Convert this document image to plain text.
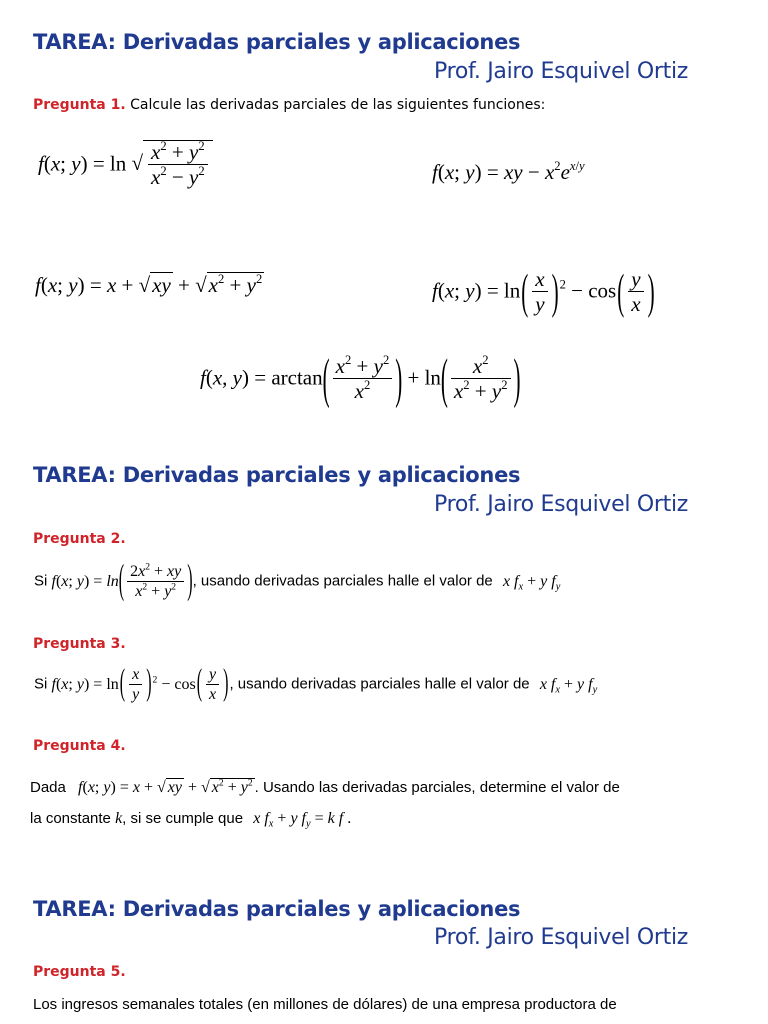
TAREA: Derivadas parciales y aplicaciones
Prof. Jairo Esquivel Ortiz
Pregunta 1. Calcule las derivadas parciales de las siguientes funciones:
f(x; y) = ln √ $\frac{x^2 + y^2}{x^2 - y^2}$	f(x; y) = xy − $x^2e^{x/y}$
f(x; $y) = x + √xy + √x^2 + y^2$	f(x; $y) = \ln( \frac{x}{y} )^2 - \cos( \frac{y}{x}$ )
f(x, $y) = \arctan( \frac{x^2 + y^2}{x^2}$ ) + $\ln( \frac{x^2}{x^2 + y^2}$ )
TAREA: Derivadas parciales y aplicaciones
Prof. Jairo Esquivel Ortiz
Pregunta 2.
Si f(x; $y) = \ln( \frac{2x^2 + xy}{x^2 + y^2}$ ), usando derivadas parciales halle el valor de x $f_x + y$ $f_y$
Pregunta 3.
Si f(x; $y) = \ln( \frac{x}{y} )^2 - \cos( \frac{y}{x}$ ), usando derivadas parciales halle el valor de x $f_x + y$ $f_y$
Pregunta 4.
Dada f(x; y) = x + √ xy + √ $x^2 + y^2$ . Usando las derivadas parciales, determine el valor de
la constante k, si se cumple que x $f_x + y$ $f_y = k$ f .
TAREA: Derivadas parciales y aplicaciones
Prof. Jairo Esquivel Ortiz
Pregunta 5.
Los ingresos semanales totales (en millones de dólares) de una empresa productora de
